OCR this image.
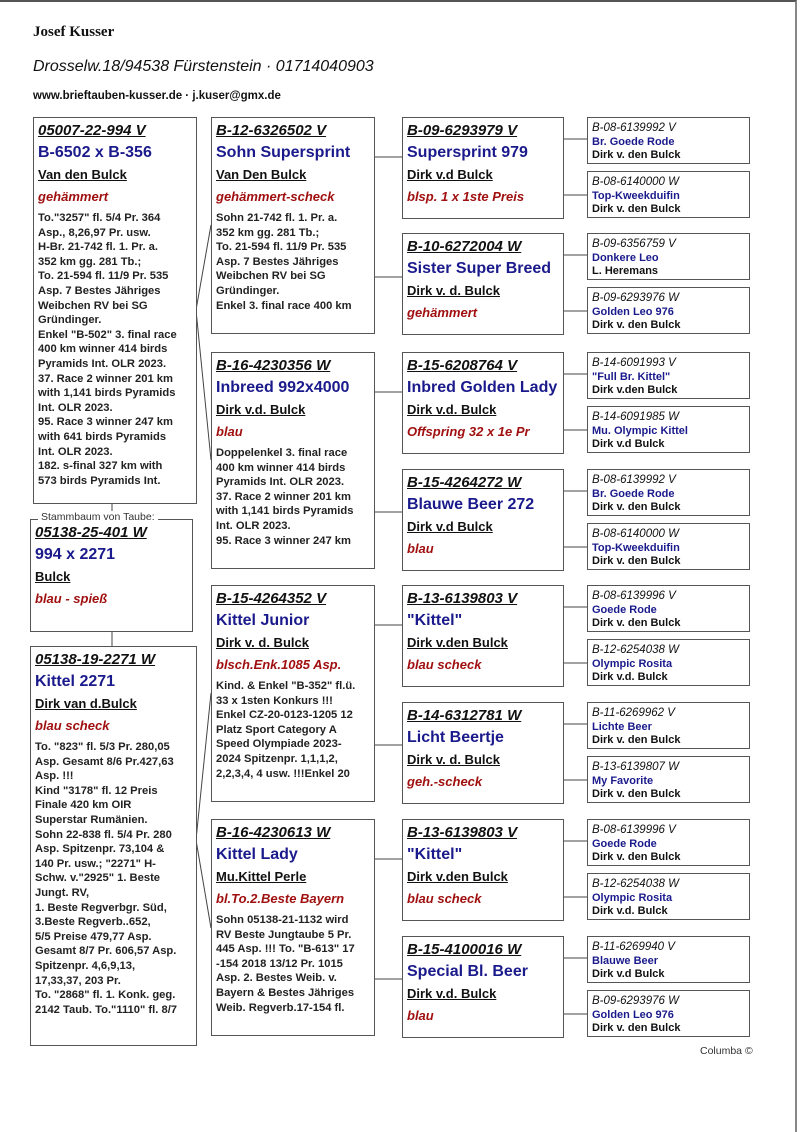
Josef Kusser
Drosselw.18/94538 Fürstenstein · 01714040903
www.brieftauben-kusser.de · j.kuser@gmx.de
05007-22-994 V
B-6502 x B-356
Van den Bulck
gehämmert
To."3257" fl. 5/4 Pr. 364
Asp., 8,26,97 Pr. usw.
H-Br. 21-742 fl. 1. Pr. a.
352 km gg. 281 Tb.;
To. 21-594 fl. 11/9 Pr. 535
Asp. 7 Bestes Jähriges
Weibchen RV bei SG
Gründinger.
Enkel "B-502" 3. final race
400 km winner 414 birds
Pyramids Int. OLR 2023.
37. Race 2 winner 201 km
with 1,141 birds Pyramids
Int. OLR 2023.
95. Race 3 winner 247 km
with 641 birds Pyramids
Int. OLR 2023.
182. s-final 327 km with
573 birds Pyramids Int.
05138-25-401 W
994 x 2271
Bulck
blau - spieß
05138-19-2271 W
Kittel 2271
Dirk van d.Bulck
blau scheck
To. "823" fl. 5/3 Pr. 280,05
Asp. Gesamt 8/6 Pr.427,63
Asp. !!!
Kind "3178" fl. 12 Preis
Finale 420 km OIR
Superstar Rumänien.
Sohn 22-838 fl. 5/4 Pr. 280
Asp. Spitzenpr. 73,104 &
140 Pr. usw.; "2271" H-
Schw. v."2925" 1. Beste
Jungt. RV,
1. Beste Regverbgr. Süd,
3.Beste Regverb..652,
5/5 Preise 479,77 Asp.
Gesamt 8/7 Pr. 606,57 Asp.
Spitzenpr. 4,6,9,13,
17,33,37, 203 Pr.
To. "2868" fl. 1. Konk. geg.
2142 Taub. To."1110" fl. 8/7
B-12-6326502 V
Sohn Supersprint
Van Den Bulck
gehämmert-scheck
Sohn 21-742 fl. 1. Pr. a.
352 km gg. 281 Tb.;
To. 21-594 fl. 11/9 Pr. 535
Asp. 7 Bestes Jähriges
Weibchen RV bei SG
Gründinger.
Enkel 3. final race 400 km
B-16-4230356 W
Inbreed 992x4000
Dirk v.d. Bulck
blau
Doppelenkel 3. final race
400 km winner 414 birds
Pyramids Int. OLR 2023.
37. Race 2 winner 201 km
with 1,141 birds Pyramids
Int. OLR 2023.
95. Race 3 winner 247 km
B-15-4264352 V
Kittel Junior
Dirk v. d. Bulck
blsch.Enk.1085 Asp.
Kind. & Enkel "B-352" fl.ü.
33 x 1sten Konkurs !!!
Enkel CZ-20-0123-1205 12
Platz Sport Category A
Speed Olympiade 2023-
2024 Spitzenpr. 1,1,1,2,
2,2,3,4, 4 usw. !!!Enkel 20
B-16-4230613 W
Kittel Lady
Mu.Kittel Perle
bl.To.2.Beste Bayern
Sohn 05138-21-1132 wird
RV Beste Jungtaube 5 Pr.
445 Asp. !!! To. "B-613" 17
-154 2018 13/12 Pr. 1015
Asp. 2. Bestes Weib. v.
Bayern & Bestes Jähriges
Weib. Regverb.17-154 fl.
B-09-6293979 V
Supersprint 979
Dirk v.d Bulck
blsp. 1 x 1ste Preis
B-10-6272004 W
Sister Super Breed
Dirk v. d. Bulck
gehämmert
B-15-6208764 V
Inbred Golden Lady
Dirk v.d. Bulck
Offspring 32 x 1e Pr
B-15-4264272 W
Blauwe Beer 272
Dirk v.d Bulck
blau
B-13-6139803 V
"Kittel"
Dirk v.den Bulck
blau scheck
B-14-6312781 W
Licht Beertje
Dirk v. d. Bulck
geh.-scheck
B-13-6139803 V
"Kittel"
Dirk v.den Bulck
blau scheck
B-15-4100016 W
Special Bl. Beer
Dirk v.d. Bulck
blau
B-08-6139992 V
Br. Goede Rode
Dirk v. den Bulck
B-08-6140000 W
Top-Kweekduifin
Dirk v. den Bulck
B-09-6356759 V
Donkere Leo
L. Heremans
B-09-6293976 W
Golden Leo 976
Dirk v. den Bulck
B-14-6091993 V
"Full Br. Kittel"
Dirk v.den Bulck
B-14-6091985 W
Mu. Olympic Kittel
Dirk v.d Bulck
B-08-6139992 V
Br. Goede Rode
Dirk v. den Bulck
B-08-6140000 W
Top-Kweekduifin
Dirk v. den Bulck
B-08-6139996 V
Goede Rode
Dirk v. den Bulck
B-12-6254038 W
Olympic Rosita
Dirk v.d. Bulck
B-11-6269962 V
Lichte Beer
Dirk v. den Bulck
B-13-6139807 W
My Favorite
Dirk v. den Bulck
B-08-6139996 V
Goede Rode
Dirk v. den Bulck
B-12-6254038 W
Olympic Rosita
Dirk v.d. Bulck
B-11-6269940 V
Blauwe Beer
Dirk v.d Bulck
B-09-6293976 W
Golden Leo 976
Dirk v. den Bulck
Stammbaum von Taube:
Columba ©
